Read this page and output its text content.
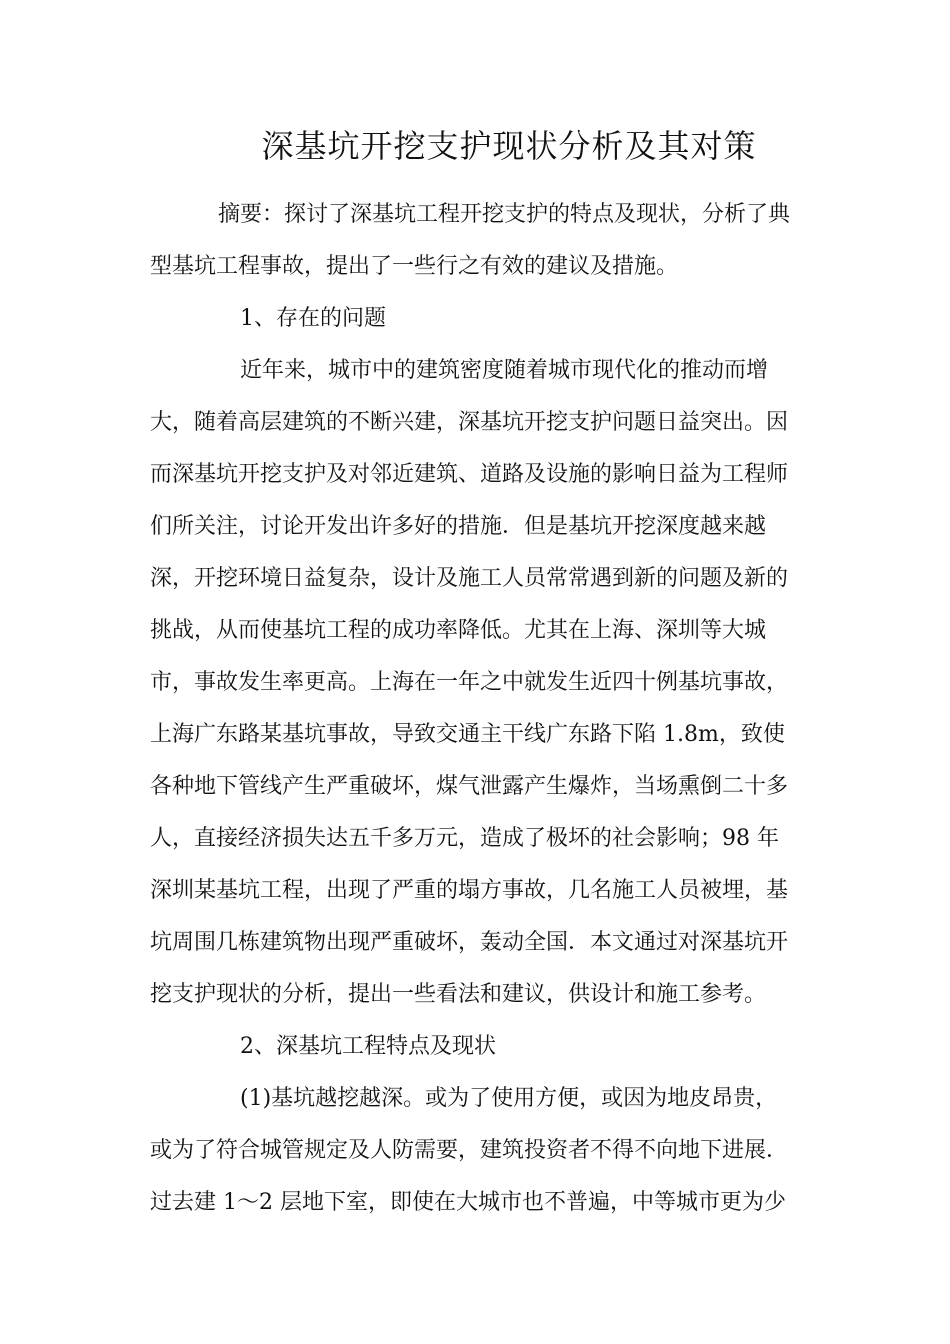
深基坑开挖支护现状分析及其对策

摘要：探讨了深基坑工程开挖支护的特点及现状，分析了典

型基坑工程事故，提出了一些行之有效的建议及措施。

1、存在的问题

近年来，城市中的建筑密度随着城市现代化的推动而增

大，随着高层建筑的不断兴建，深基坑开挖支护问题日益突出。因

而深基坑开挖支护及对邻近建筑、道路及设施的影响日益为工程师

们所关注，讨论开发出许多好的措施．但是基坑开挖深度越来越

深，开挖环境日益复杂，设计及施工人员常常遇到新的问题及新的

挑战，从而使基坑工程的成功率降低。尤其在上海、深圳等大城

市，事故发生率更高。上海在一年之中就发生近四十例基坑事故，

上海广东路某基坑事故，导致交通主干线广东路下陷 1.8m，致使

各种地下管线产生严重破坏，煤气泄露产生爆炸，当场熏倒二十多

人，直接经济损失达五千多万元，造成了极坏的社会影响；98 年

深圳某基坑工程，出现了严重的塌方事故，几名施工人员被埋，基

坑周围几栋建筑物出现严重破坏，轰动全国．本文通过对深基坑开

挖支护现状的分析，提出一些看法和建议，供设计和施工参考。

2、深基坑工程特点及现状

(1)基坑越挖越深。或为了使用方便，或因为地皮昂贵，

或为了符合城管规定及人防需要，建筑投资者不得不向地下进展．

过去建 1～2 层地下室，即使在大城市也不普遍，中等城市更为少
